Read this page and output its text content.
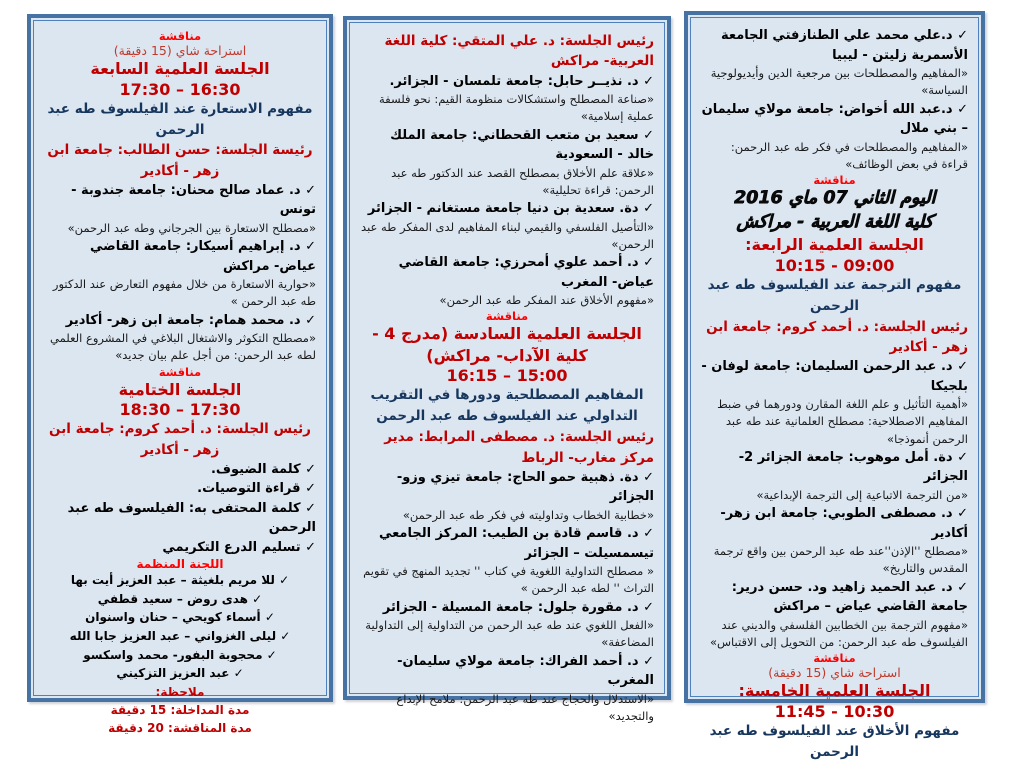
مناقشة

استراحة شاي (15 دقيقة)

الجلسة العلمية السابعة

16:30 – 17:30

مفهوم الاستعارة عند الفيلسوف طه عبد الرحمن

رئيسة الجلسة: حسن الطالب: جامعة ابن زهر - أكادير

✓ د. عماد صالح محنان: جامعة جندوبة - تونس

«مصطلح الاستعارة بين الجرجاني وطه عبد الرحمن»

✓ د. إبراهيم أسيكار: جامعة القاضي عياض- مراكش

«حوارية الاستعارة من خلال مفهوم التعارض عند الدكتور طه عبد الرحمن »

✓ د. محمد همام: جامعة ابن زهر- أكادير

«مصطلح التكوثر والاشتغال البلاغي في المشروع العلمي لطه عبد الرحمن: من أجل علم بيان جديد»

مناقشة

الجلسة الختامية

17:30 – 18:30

رئيس الجلسة: د. أحمد كروم: جامعة ابن زهر - أكادير

✓ كلمة الضيوف.

✓ قراءة التوصيات.

✓ كلمة المحتفى به: الفيلسوف طه عبد الرحمن

✓ تسليم الدرع التكريمي

اللجنة المنظمة

✓ للا مريم بلغيثة – عبد العزيز أيت بها

✓ هدى روض – سعيد قطفي

✓ أسماء كويحي – حنان واسنوان

✓ ليلى الغزواني – عبد العزيز جابا الله

✓ محجوبة البفور- محمد واسكسو

✓ عبد العزيز التزكيني

ملاحظة:

مدة المداخلة: 15 دقيقة

مدة المناقشة: 20 دقيقة

رئيس الجلسة: د. علي المتقي: كلية اللغة العربية- مراكش

✓ د. نذيــر حابل: جامعة تلمسان - الجزائر.

«صناعة المصطلح واستشكالات منظومة القيم: نحو فلسفة عملية إسلامية»

✓ سعيد بن متعب القحطاني: جامعة الملك خالد - السعودية

«علاقة علم الأخلاق بمصطلح القصد عند الدكتور طه عبد الرحمن: قراءة تحليلية»

✓ دة. سعدية بن دنيا جامعة مستغانم - الجزائر

«التأصيل الفلسفي والقيمي لبناء المفاهيم لدى المفكر طه عبد الرحمن»

✓ د. أحمد علوي أمحرزي: جامعة القاضي عياض- المغرب

«مفهوم الأخلاق عند المفكر طه عبد الرحمن»

مناقشة

الجلسة العلمية السادسة (مدرج 4 - كلية الآداب- مراكش)

15:00 – 16:15

المفاهيم المصطلحية ودورها في التقريب التداولي عند الفيلسوف طه عبد الرحمن

رئيس الجلسة: د. مصطفى المرابط: مدير مركز مغارب- الرباط

✓ دة. ذهبية حمو الحاج: جامعة تيزي وزو- الجزائر

«خطابية الخطاب وتداوليته في فكر طه عبد الرحمن»

✓ د. قاسم قادة بن الطيب: المركز الجامعي تيسمسيلت – الجزائر

« مصطلح التداولية اللغوية في كتاب '' تجديد المنهج في تقويم التراث '' لطه عبد الرحمن »

✓ د. مقورة جلول: جامعة المسيلة - الجزائر

«الفعل اللغوي عند طه عبد الرحمن من التداولية إلى التداولية المضاعفة»

✓ د. أحمد الفراك: جامعة مولاي سليمان- المغرب

«الاستدلال والحجاج عند طه عبد الرحمن: ملامح الإبداع والتجديد»

✓ د.علي محمد علي الطنازفتي الجامعة الأسمرية زليتن - ليبيا

«المفاهيم والمصطلحات بين مرجعية الدين وأيديولوجية السياسة»

✓ د.عبد الله أخواض: جامعة مولاي سليمان – بني ملال

«المفاهيم والمصطلحات في فكر طه عبد الرحمن: قراءة في بعض الوظائف»

مناقشة

اليوم الثاني 07 ماي 2016

كلية اللغة العربية - مراكش

الجلسة العلمية الرابعة:

09:00 - 10:15

مفهوم الترجمة عند الفيلسوف طه عبد الرحمن

رئيس الجلسة: د. أحمد كروم: جامعة ابن زهر - أكادير

✓ د. عبد الرحمن السليمان: جامعة لوفان - بلجيكا

«أهمية التأثيل و علم اللغة المقارن ودورهما في ضبط المفاهيم الاصطلاحية: مصطلح العلمانية عند طه عبد الرحمن أنموذجا»

✓ دة. أمل موهوب: جامعة الجزائر 2- الجزائر

«من الترجمة الاتباعية إلى الترجمة الإبداعية»

✓ د. مصطفى الطوبي: جامعة ابن زهر- أكادير

«مصطلح ''الإذن''عند طه عبد الرحمن بين واقع ترجمة المقدس والتاريخ»

✓ د. عبد الحميد زاهيد ود. حسن درير: جامعة القاضي عياض – مراكش

«مفهوم الترجمة بين الخطابين الفلسفي والديني عند الفيلسوف طه عبد الرحمن: من التحويل إلى الاقتباس»

مناقشة

استراحة شاي (15 دقيقة)

الجلسة العلمية الخامسة:

10:30 - 11:45

مفهوم الأخلاق عند الفيلسوف طه عبد الرحمن
